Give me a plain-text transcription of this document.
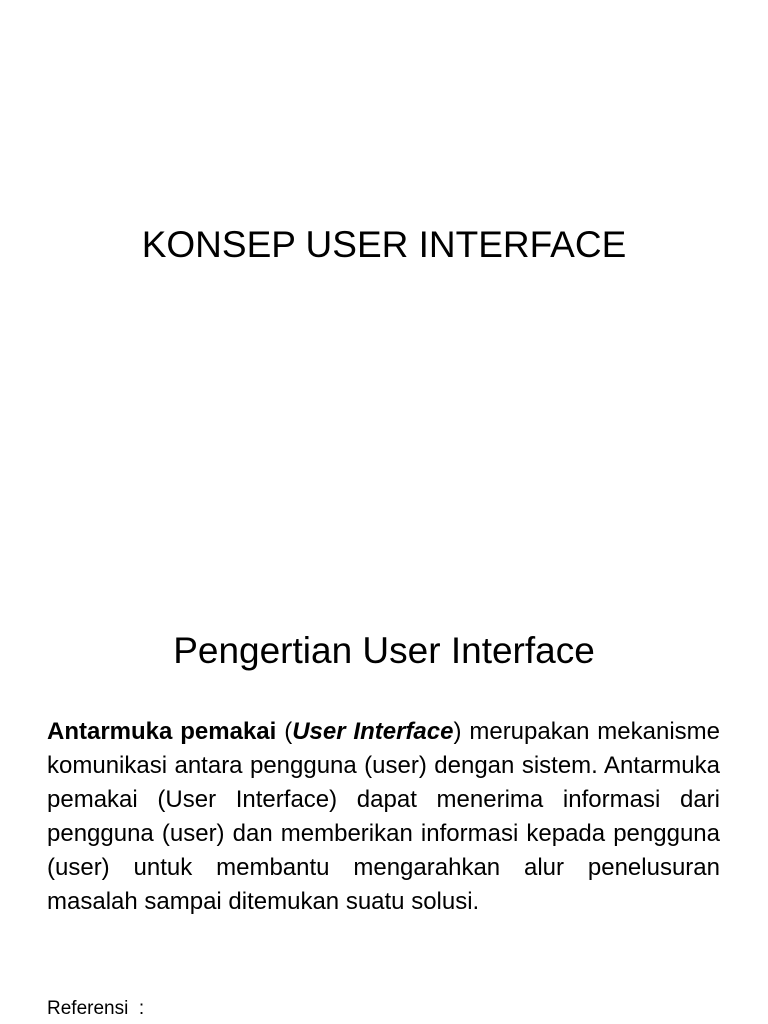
KONSEP USER INTERFACE
Pengertian User Interface
Antarmuka pemakai (User Interface) merupakan mekanisme komunikasi antara pengguna (user) dengan sistem. Antarmuka pemakai (User Interface) dapat menerima informasi dari pengguna (user) dan memberikan informasi kepada pengguna (user) untuk membantu mengarahkan alur penelusuran masalah sampai ditemukan suatu solusi.
Referensi  :
